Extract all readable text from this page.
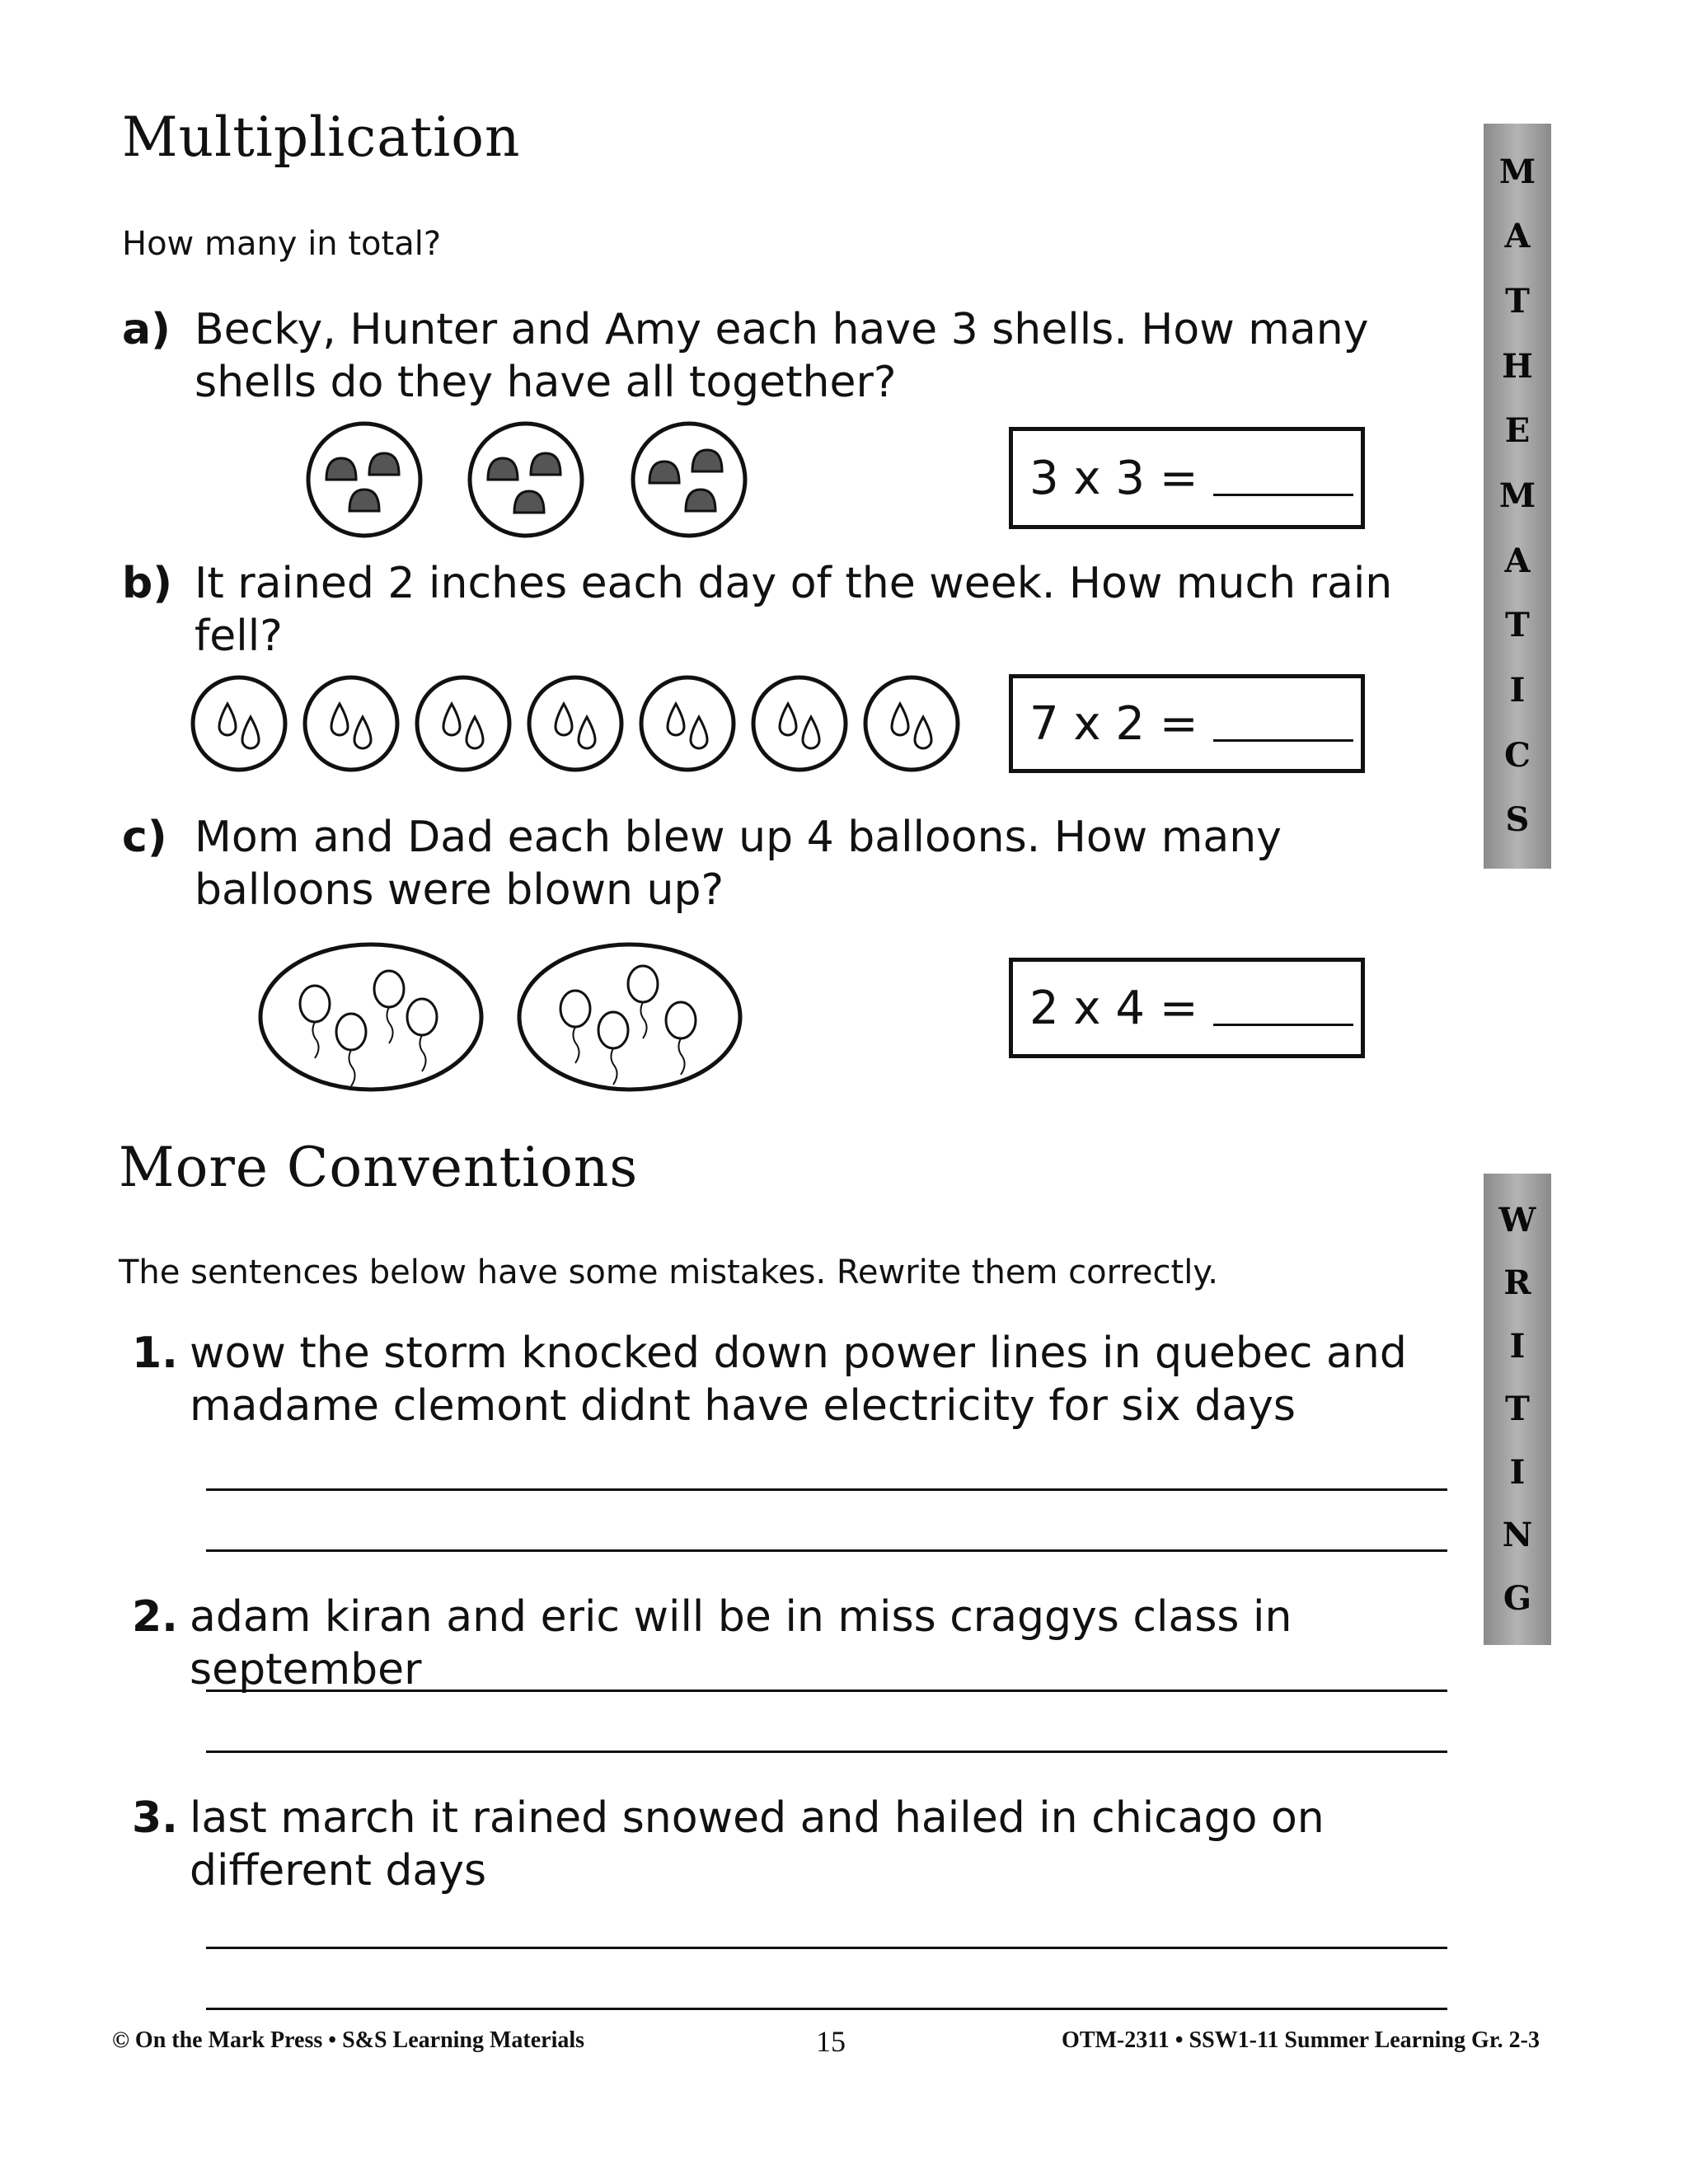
Multiplication

How many in total?

a) Becky, Hunter and Amy each have 3 shells. How many
shells do they have all together?
3 x 3 =
b) It rained 2 inches each day of the week. How much rain
fell?
7 x 2 =
c) Mom and Dad each blew up 4 balloons. How many
balloons were blown up?
2 x 4 =
M
A
T
H
E
M
A
T
I
C
S
More Conventions

The sentences below have some mistakes. Rewrite them correctly.

1. wow the storm knocked down power lines in quebec and
madame clemont didnt have electricity for six days
2. adam kiran and eric will be in miss craggys class in september
3. last march it rained snowed and hailed in chicago on
different days
W
R
I
T
I
N
G
© On the Mark Press • S&S Learning Materials	15	OTM-2311 • SSW1-11 Summer Learning Gr. 2-3
